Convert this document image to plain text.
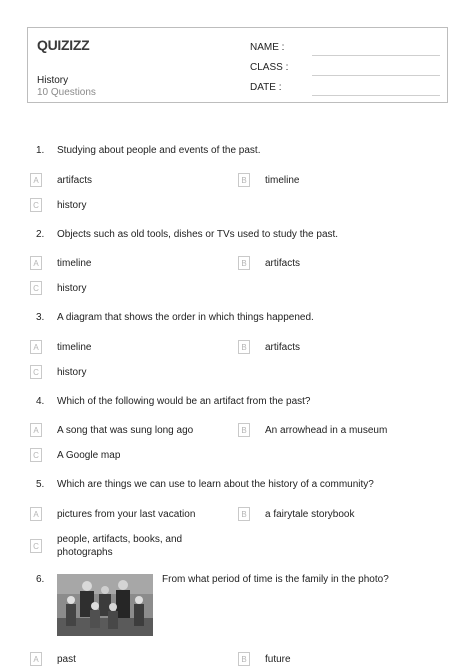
QUIZIZZ
History
10 Questions
NAME :
CLASS :
DATE :
1. Studying about people and events of the past.
A	artifacts	B	timeline
C	history
2. Objects such as old tools, dishes or TVs used to study the past.
A	timeline	B	artifacts
C	history
3. A diagram that shows the order in which things happened.
A	timeline	B	artifacts
C	history
4. Which of the following would be an artifact from the past?
A	A song that was sung long ago	B	An arrowhead in a museum
C	A Google map
5. Which are things we can use to learn about the history of a community?
A	pictures from your last vacation	B	a fairytale storybook
C
people, artifacts, books, and photographs
6.	From what period of time is the family in the photo?
A	past	B	future
